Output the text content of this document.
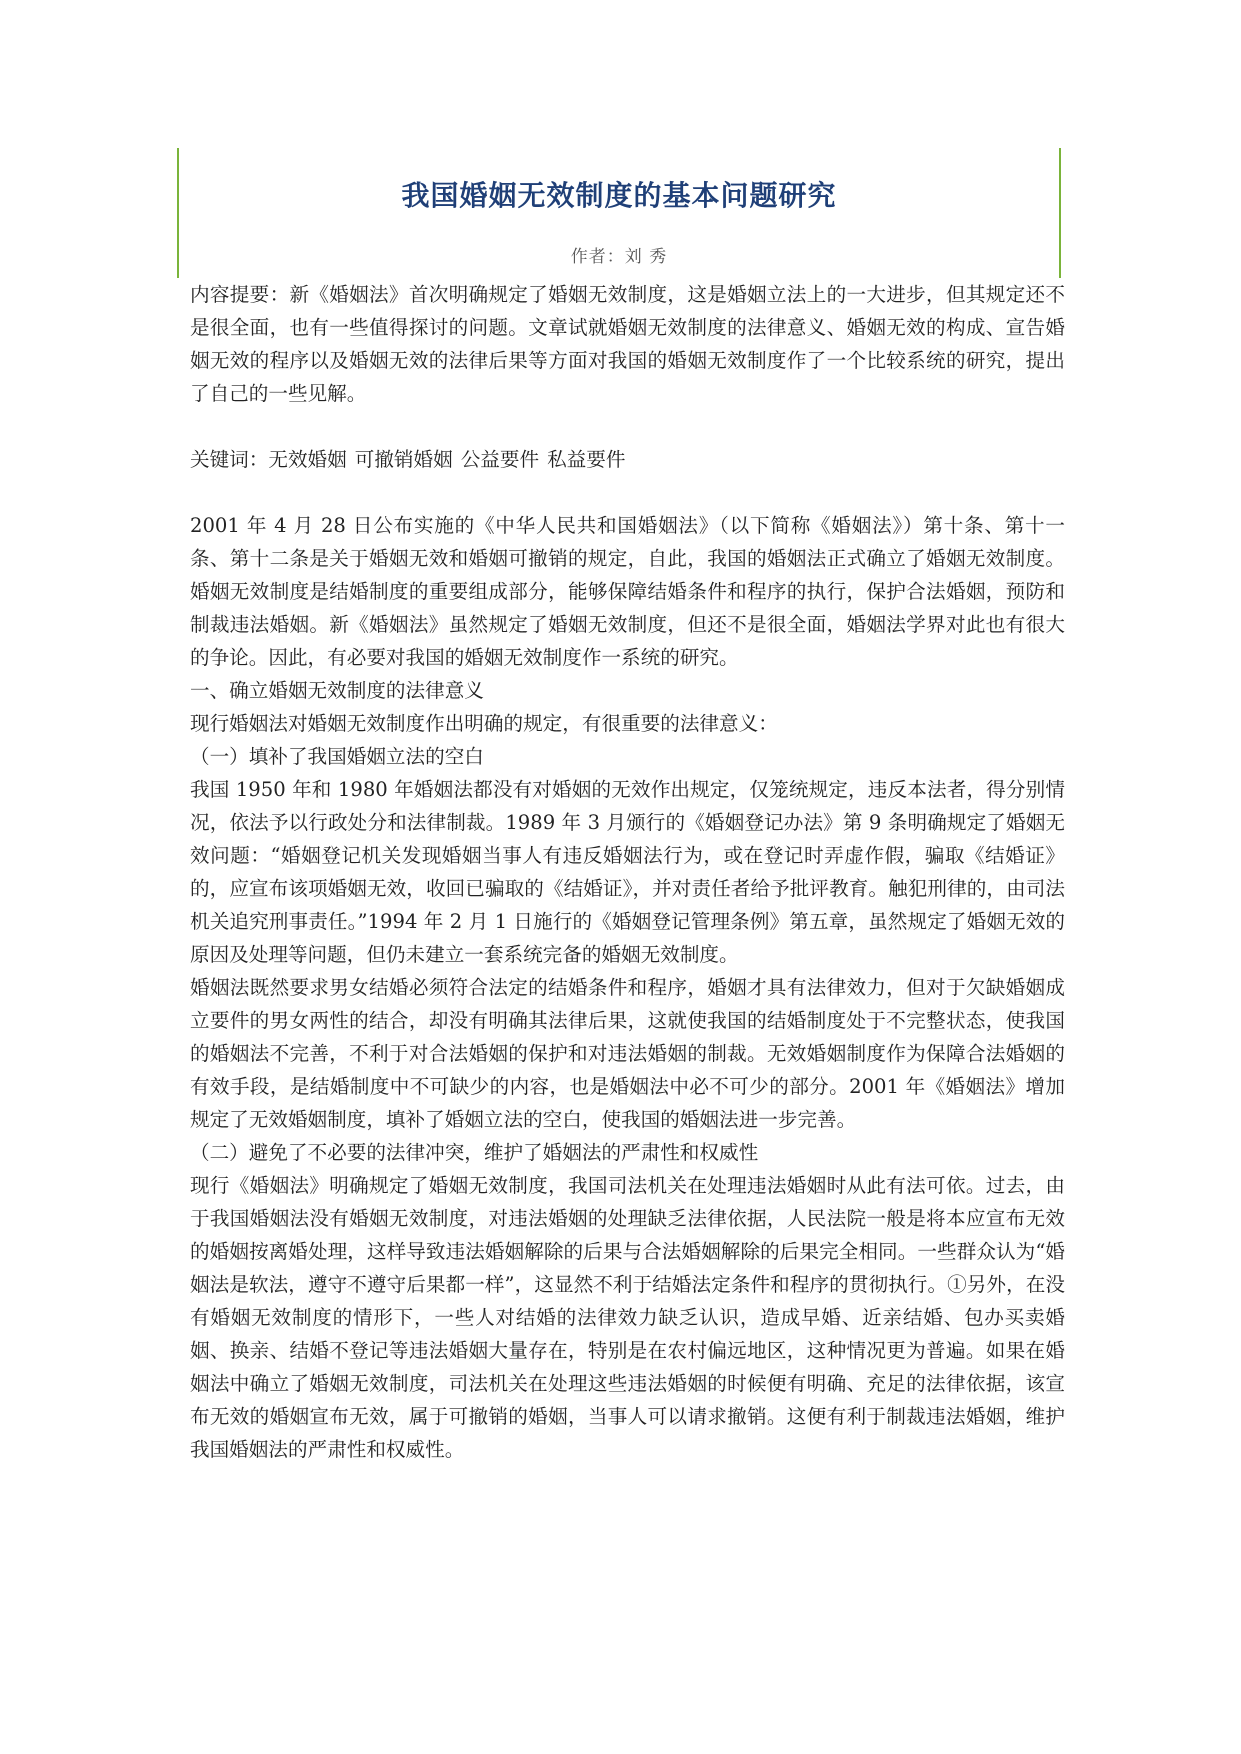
我国婚姻无效制度的基本问题研究

作者：刘 秀

内容提要：新《婚姻法》首次明确规定了婚姻无效制度，这是婚姻立法上的一大进步，但其规定还不是很全面，也有一些值得探讨的问题。文章试就婚姻无效制度的法律意义、婚姻无效的构成、宣告婚姻无效的程序以及婚姻无效的法律后果等方面对我国的婚姻无效制度作了一个比较系统的研究，提出了自己的一些见解。

关键词：无效婚姻 可撤销婚姻 公益要件 私益要件

2001 年 4 月 28 日公布实施的《中华人民共和国婚姻法》（以下简称《婚姻法》）第十条、第十一条、第十二条是关于婚姻无效和婚姻可撤销的规定，自此，我国的婚姻法正式确立了婚姻无效制度。婚姻无效制度是结婚制度的重要组成部分，能够保障结婚条件和程序的执行，保护合法婚姻，预防和制裁违法婚姻。新《婚姻法》虽然规定了婚姻无效制度，但还不是很全面，婚姻法学界对此也有很大的争论。因此，有必要对我国的婚姻无效制度作一系统的研究。

一、确立婚姻无效制度的法律意义

现行婚姻法对婚姻无效制度作出明确的规定，有很重要的法律意义：

（一）填补了我国婚姻立法的空白

我国 1950 年和 1980 年婚姻法都没有对婚姻的无效作出规定，仅笼统规定，违反本法者，得分别情况，依法予以行政处分和法律制裁。1989 年 3 月颁行的《婚姻登记办法》第 9 条明确规定了婚姻无效问题：“婚姻登记机关发现婚姻当事人有违反婚姻法行为，或在登记时弄虚作假，骗取《结婚证》的，应宣布该项婚姻无效，收回已骗取的《结婚证》，并对责任者给予批评教育。触犯刑律的，由司法机关追究刑事责任。”1994 年 2 月 1 日施行的《婚姻登记管理条例》第五章，虽然规定了婚姻无效的原因及处理等问题，但仍未建立一套系统完备的婚姻无效制度。

婚姻法既然要求男女结婚必须符合法定的结婚条件和程序，婚姻才具有法律效力，但对于欠缺婚姻成立要件的男女两性的结合，却没有明确其法律后果，这就使我国的结婚制度处于不完整状态，使我国的婚姻法不完善，不利于对合法婚姻的保护和对违法婚姻的制裁。无效婚姻制度作为保障合法婚姻的有效手段，是结婚制度中不可缺少的内容，也是婚姻法中必不可少的部分。2001 年《婚姻法》增加规定了无效婚姻制度，填补了婚姻立法的空白，使我国的婚姻法进一步完善。

（二）避免了不必要的法律冲突，维护了婚姻法的严肃性和权威性

现行《婚姻法》明确规定了婚姻无效制度，我国司法机关在处理违法婚姻时从此有法可依。过去，由于我国婚姻法没有婚姻无效制度，对违法婚姻的处理缺乏法律依据，人民法院一般是将本应宣布无效的婚姻按离婚处理，这样导致违法婚姻解除的后果与合法婚姻解除的后果完全相同。一些群众认为“婚姻法是软法，遵守不遵守后果都一样”，这显然不利于结婚法定条件和程序的贯彻执行。①另外，在没有婚姻无效制度的情形下，一些人对结婚的法律效力缺乏认识，造成早婚、近亲结婚、包办买卖婚姻、换亲、结婚不登记等违法婚姻大量存在，特别是在农村偏远地区，这种情况更为普遍。如果在婚姻法中确立了婚姻无效制度，司法机关在处理这些违法婚姻的时候便有明确、充足的法律依据，该宣布无效的婚姻宣布无效，属于可撤销的婚姻，当事人可以请求撤销。这便有利于制裁违法婚姻，维护我国婚姻法的严肃性和权威性。
